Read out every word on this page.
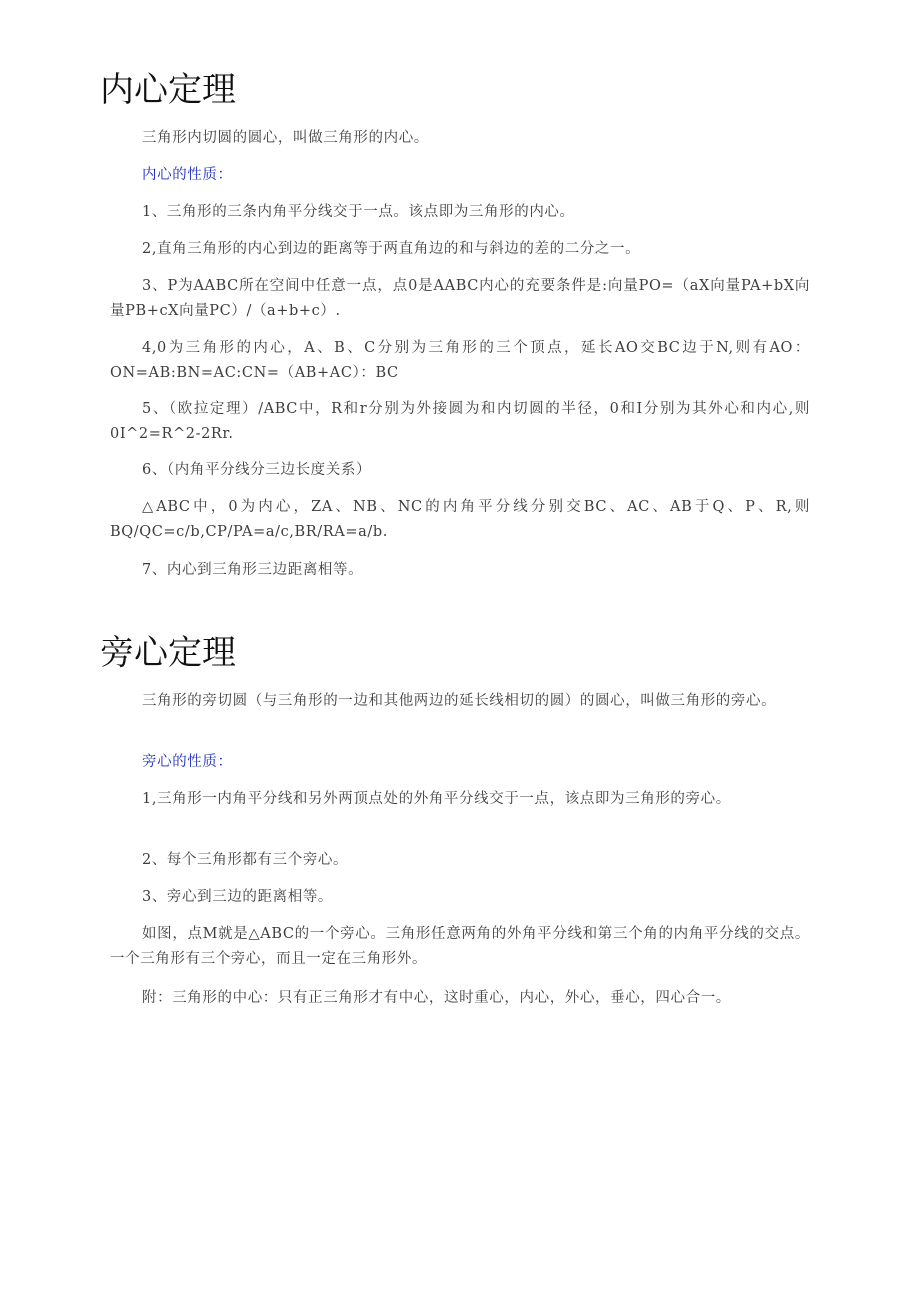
内心定理

三角形内切圆的圆心，叫做三角形的内心。

内心的性质：

1、三角形的三条内角平分线交于一点。该点即为三角形的内心。

2,直角三角形的内心到边的距离等于两直角边的和与斜边的差的二分之一。

3、P为AABC所在空间中任意一点，点0是AABC内心的充要条件是:向量PO=（aX向量PA+bX向量PB+cX向量PC）/（a+b+c）.

4,0为三角形的内心，A、B、C分别为三角形的三个顶点，延长AO交BC边于N,则有AO：ON=AB:BN=AC:CN=（AB+AC）：BC

5、（欧拉定理）/ABC中，R和r分别为外接圆为和内切圆的半径，0和I分别为其外心和内心,则0I^2=R^2-2Rr.

6、（内角平分线分三边长度关系）

△ABC中，0为内心，ZA、NB、NC的内角平分线分别交BC、AC、AB于Q、P、R,则BQ/QC=c/b,CP/PA=a/c,BR/RA=a/b.

7、内心到三角形三边距离相等。

旁心定理

三角形的旁切圆（与三角形的一边和其他两边的延长线相切的圆）的圆心，叫做三角形的旁心。

旁心的性质：

1,三角形一内角平分线和另外两顶点处的外角平分线交于一点，该点即为三角形的旁心。

2、每个三角形都有三个旁心。

3、旁心到三边的距离相等。

如图，点M就是△ABC的一个旁心。三角形任意两角的外角平分线和第三个角的内角平分线的交点。一个三角形有三个旁心，而且一定在三角形外。

附：三角形的中心：只有正三角形才有中心，这时重心，内心，外心，垂心，四心合一。
